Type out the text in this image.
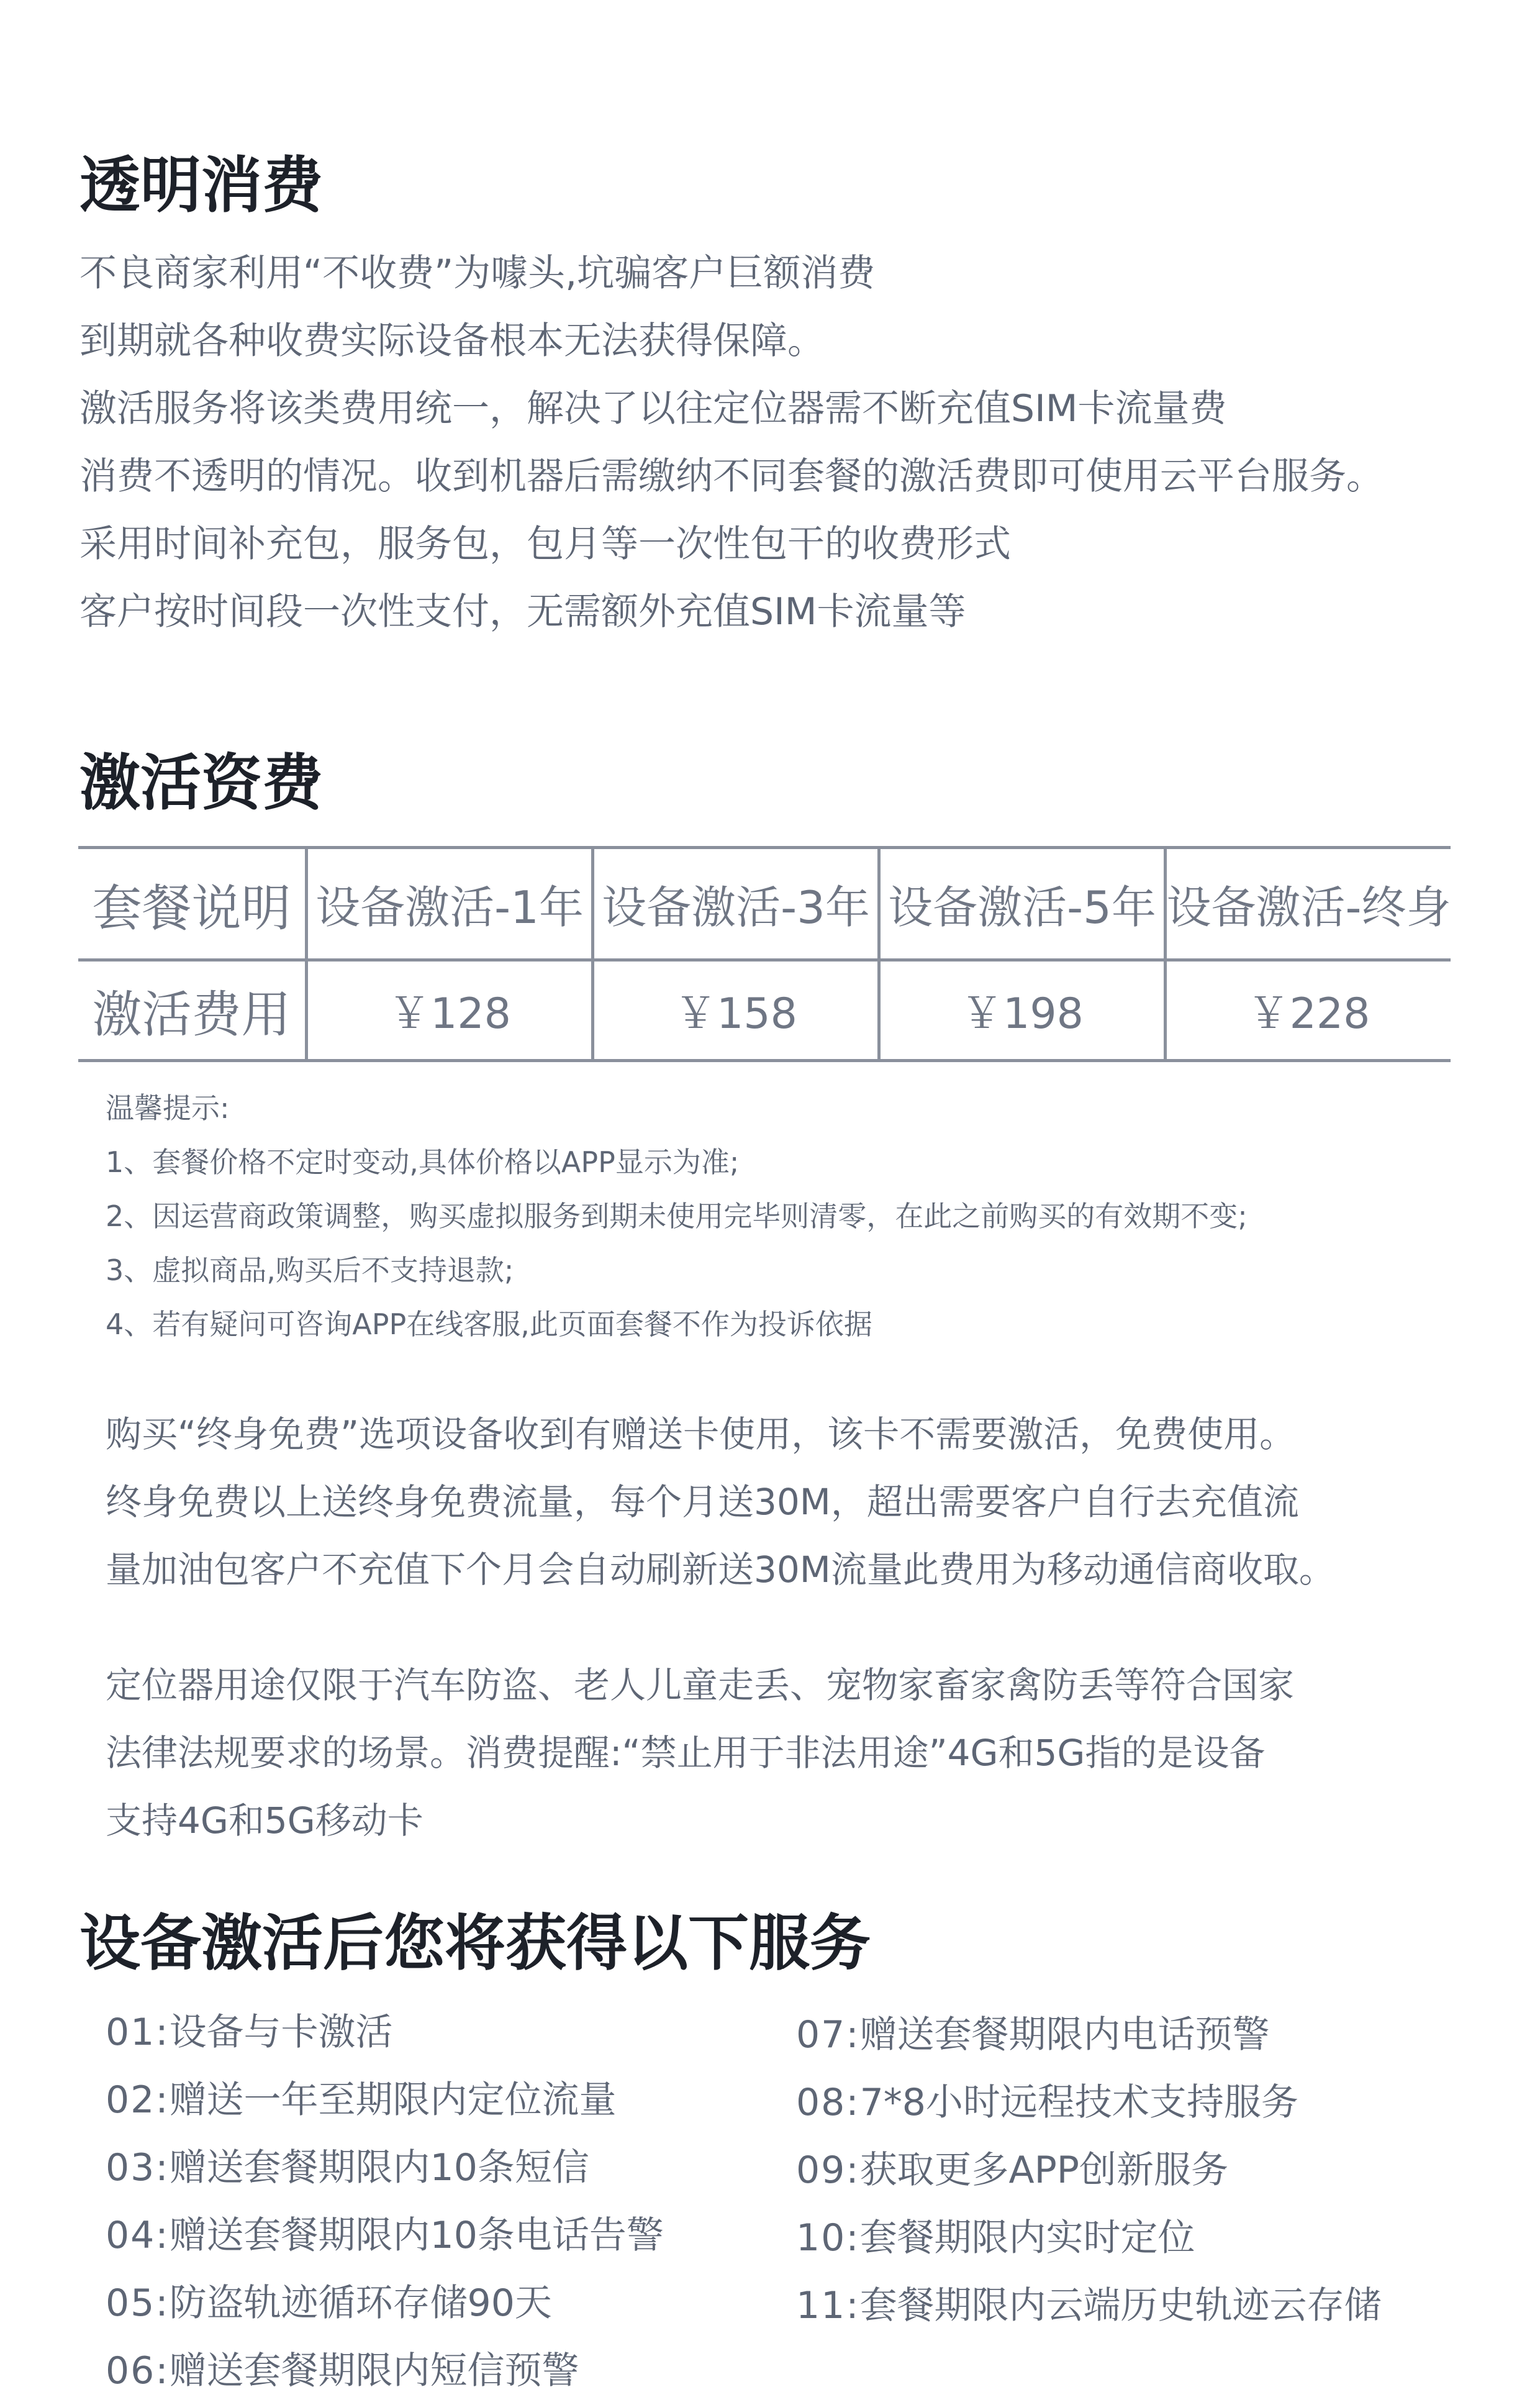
透明消费
不良商家利用“不收费”为噱头,坑骗客户巨额消费
到期就各种收费实际设备根本无法获得保障。
激活服务将该类费用统一，解决了以往定位器需不断充值SIM卡流量费
消费不透明的情况。收到机器后需缴纳不同套餐的激活费即可使用云平台服务。
采用时间补充包，服务包，包月等一次性包干的收费形式
客户按时间段一次性支付，无需额外充值SIM卡流量等
激活资费
套餐说明 设备激活-1年 设备激活-3年 设备激活-5年 设备激活-终身
激活费用	￥128	￥158	￥198	￥228
温馨提示:
1、套餐价格不定时变动,具体价格以APP显示为准;
2、因运营商政策调整，购买虚拟服务到期未使用完毕则清零，在此之前购买的有效期不变;
3、虚拟商品,购买后不支持退款;
4、若有疑问可咨询APP在线客服,此页面套餐不作为投诉依据
购买“终身免费”选项设备收到有赠送卡使用，该卡不需要激活，免费使用。
终身免费以上送终身免费流量，每个月送30M，超出需要客户自行去充值流
量加油包客户不充值下个月会自动刷新送30M流量此费用为移动通信商收取。
定位器用途仅限于汽车防盗、老人儿童走丢、宠物家畜家禽防丢等符合国家
法律法规要求的场景。消费提醒:“禁止用于非法用途”4G和5G指的是设备
支持4G和5G移动卡
设备激活后您将获得以下服务
01:设备与卡激活
02:赠送一年至期限内定位流量
03:赠送套餐期限内10条短信
04:赠送套餐期限内10条电话告警
05:防盗轨迹循环存储90天
06:赠送套餐期限内短信预警
07:赠送套餐期限内电话预警
08:7*8小时远程技术支持服务
09:获取更多APP创新服务
10:套餐期限内实时定位
11:套餐期限内云端历史轨迹云存储
